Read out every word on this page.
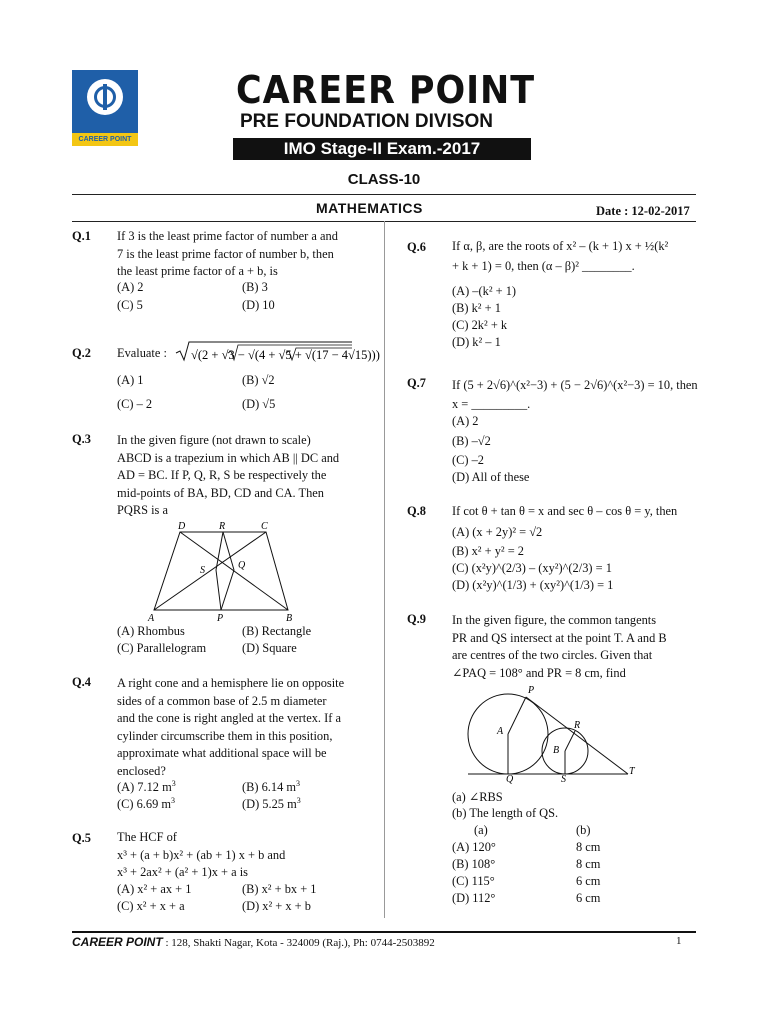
CAREER POINT
CAREER POINT
PRE FOUNDATION DIVISON
IMO Stage-II Exam.-2017
CLASS-10
MATHEMATICS	Date : 12-02-2017
Q.1 If 3 is the least prime factor of number a and
7 is the least prime factor of number b, then
the least prime factor of a + b, is
(A) 2	(B) 3
(C) 5	(D) 10
Q.2 Evaluate : √(2 + √3 − √(4 + √5 + √(17 − 4√15)))
(A) 1	(B) √2
(C) – 2	(D) √5
Q.3 In the given figure (not drawn to scale)
ABCD is a trapezium in which AB || DC and
AD = BC. If P, Q, R, S be respectively the
mid-points of BA, BD, CD and CA. Then
PQRS is a
D	R	C
S	Q
A	P	B
(A) Rhombus	(B) Rectangle
(C) Parallelogram	(D) Square
Q.4 A right cone and a hemisphere lie on opposite
sides of a common base of 2.5 m diameter
and the cone is right angled at the vertex. If a
cylinder circumscribe them in this position,
approximate what additional space will be
enclosed?
(A) 7.12 $m^3$	(B) 6.14 $m^3$
(C) 6.69 $m^3$	(D) 5.25 $m^3$
Q.5 The HCF of
x³ + (a + b)x² + (ab + 1) x + b and
x³ + 2ax² + (a² + 1)x + a is
(A) x² + ax + 1	(B) x² + bx + 1
(C) x² + x + a	(D) x² + x + b
Q.6 If α, β, are the roots of x² – (k + 1) x + ½(k²
+ k + 1) = 0, then (α – β)² ________.
(A) –(k² + 1)
(B) k² + 1
(C) 2k² + k
(D) k² – 1
Q.7 If (5 + 2√6)^(x²−3) + (5 − 2√6)^(x²−3) = 10, then
x = _________.
(A) 2
(B) –√2
(C) –2
(D) All of these
Q.8 If cot θ + tan θ = x and sec θ – cos θ = y, then
(A) (x + 2y)² = √2
(B) x² + y² = 2
(C) (x²y)^(2/3) – (xy²)^(2/3) = 1
(D) (x²y)^(1/3) + (xy²)^(1/3) = 1
Q.9 In the given figure, the common tangents
PR and QS intersect at the point T. A and B
are centres of the two circles. Given that
∠PAQ = 108° and PR = 8 cm, find
P
A
R
B
Q	S
T
(a) ∠RBS
(b) The length of QS.
(a)	(b)
(A) 120°	8 cm
(B) 108°	8 cm
(C) 115°	6 cm
(D) 112°	6 cm
CAREER POINT : 128, Shakti Nagar, Kota - 324009 (Raj.), Ph: 0744-2503892	1
